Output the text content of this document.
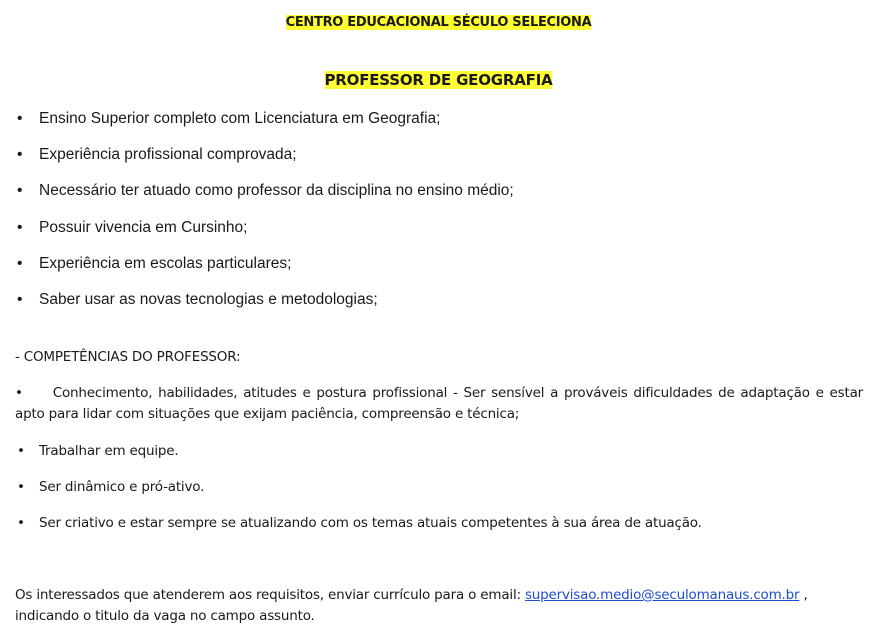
CENTRO EDUCACIONAL SÉCULO SELECIONA
PROFESSOR DE GEOGRAFIA
• Ensino Superior completo com Licenciatura em Geografia;
• Experiência profissional comprovada;
• Necessário ter atuado como professor da disciplina no ensino médio;
• Possuir vivencia em Cursinho;
• Experiência em escolas particulares;
• Saber usar as novas tecnologias e metodologias;
- COMPETÊNCIAS DO PROFESSOR:
• Conhecimento, habilidades, atitudes e postura profissional - Ser sensível a prováveis dificuldades de adaptação e estar apto para lidar com situações que exijam paciência, compreensão e técnica;
• Trabalhar em equipe.
• Ser dinâmico e pró-ativo.
• Ser criativo e estar sempre se atualizando com os temas atuais competentes à sua área de atuação.
Os interessados que atenderem aos requisitos, enviar currículo para o email: supervisao.medio@seculomanaus.com.br , indicando o titulo da vaga no campo assunto.
